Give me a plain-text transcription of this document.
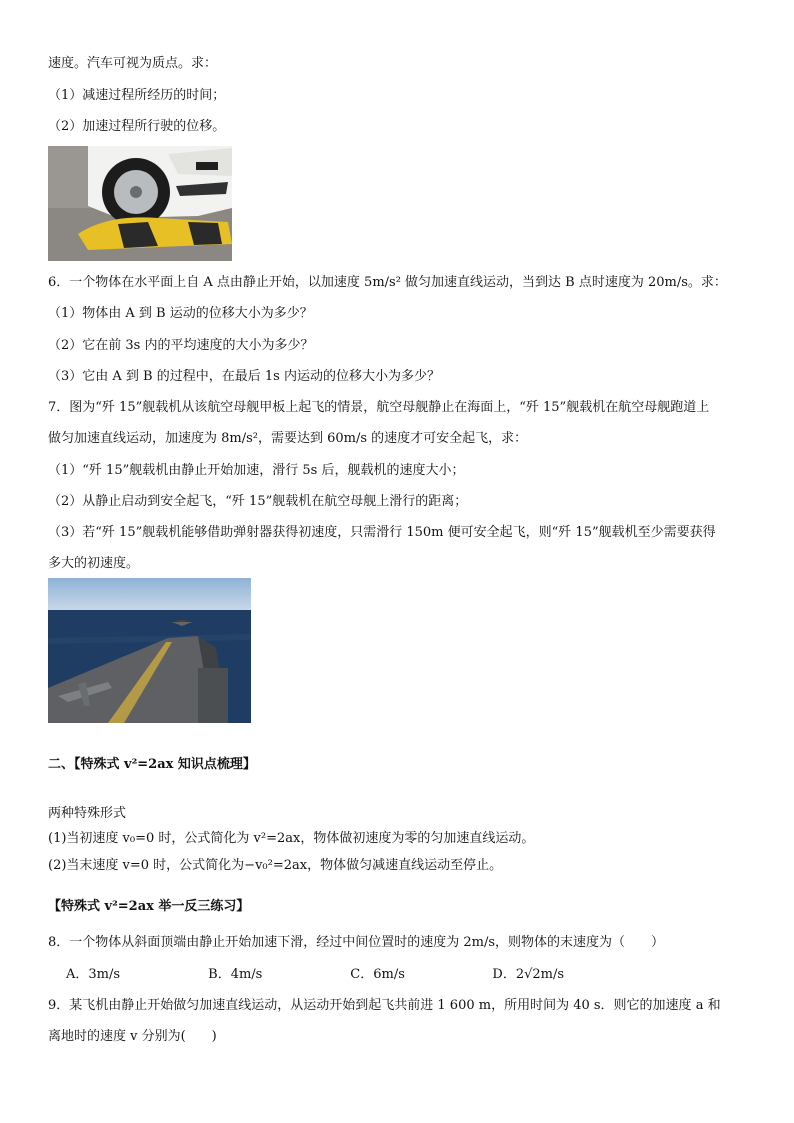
速度。汽车可视为质点。求：
（1）减速过程所经历的时间；
（2）加速过程所行驶的位移。
6．一个物体在水平面上自 A 点由静止开始，以加速度 5m/s² 做匀加速直线运动，当到达 B 点时速度为 20m/s。求：
（1）物体由 A 到 B 运动的位移大小为多少？
（2）它在前 3s 内的平均速度的大小为多少？
（3）它由 A 到 B 的过程中，在最后 1s 内运动的位移大小为多少？
7．图为“歼 15”舰载机从该航空母舰甲板上起飞的情景，航空母舰静止在海面上，“歼 15”舰载机在航空母舰跑道上
做匀加速直线运动，加速度为 8m/s²，需要达到 60m/s 的速度才可安全起飞，求：
（1）“歼 15”舰载机由静止开始加速，滑行 5s 后，舰载机的速度大小；
（2）从静止启动到安全起飞，“歼 15”舰载机在航空母舰上滑行的距离；
（3）若“歼 15”舰载机能够借助弹射器获得初速度，只需滑行 150m 便可安全起飞，则“歼 15”舰载机至少需要获得
多大的初速度。
二、【特殊式 v²=2ax 知识点梳理】
两种特殊形式
(1)当初速度 v₀=0 时，公式简化为 v²=2ax，物体做初速度为零的匀加速直线运动。
(2)当末速度 v=0 时，公式简化为−v₀²=2ax，物体做匀减速直线运动至停止。
【特殊式 v²=2ax 举一反三练习】
8．一个物体从斜面顶端由静止开始加速下滑，经过中间位置时的速度为 2m/s，则物体的末速度为（　　）
A．3m/s	B．4m/s	C．6m/s	D．2√2m/s
9．某飞机由静止开始做匀加速直线运动，从运动开始到起飞共前进 1 600 m，所用时间为 40 s．则它的加速度 a 和
离地时的速度 v 分别为(　　)
